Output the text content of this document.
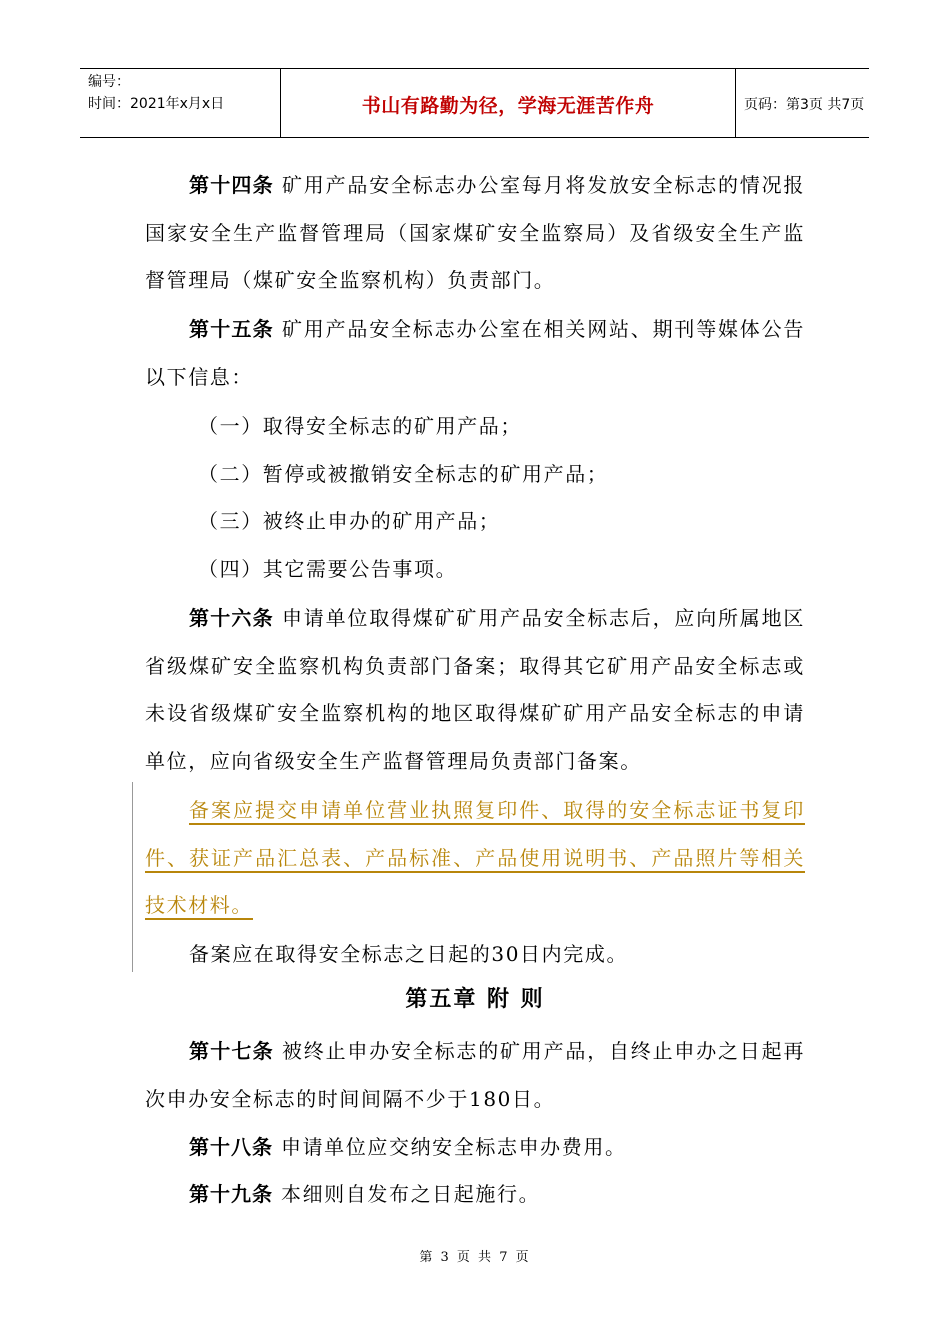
编号：
时间：2021年x月x日	书山有路勤为径，学海无涯苦作舟	页码：第3页 共7页
第十四条 矿用产品安全标志办公室每月将发放安全标志的情况报国家安全生产监督管理局（国家煤矿安全监察局）及省级安全生产监督管理局（煤矿安全监察机构）负责部门。
第十五条 矿用产品安全标志办公室在相关网站、期刊等媒体公告以下信息：
（一）取得安全标志的矿用产品；
（二）暂停或被撤销安全标志的矿用产品；
（三）被终止申办的矿用产品；
（四）其它需要公告事项。
第十六条 申请单位取得煤矿矿用产品安全标志后，应向所属地区省级煤矿安全监察机构负责部门备案；取得其它矿用产品安全标志或未设省级煤矿安全监察机构的地区取得煤矿矿用产品安全标志的申请单位，应向省级安全生产监督管理局负责部门备案。
备案应提交申请单位营业执照复印件、取得的安全标志证书复印件、获证产品汇总表、产品标准、产品使用说明书、产品照片等相关技术材料。
备案应在取得安全标志之日起的30日内完成。
第五章 附 则
第十七条 被终止申办安全标志的矿用产品，自终止申办之日起再次申办安全标志的时间间隔不少于180日。
第十八条 申请单位应交纳安全标志申办费用。
第十九条 本细则自发布之日起施行。
第 3 页 共 7 页
